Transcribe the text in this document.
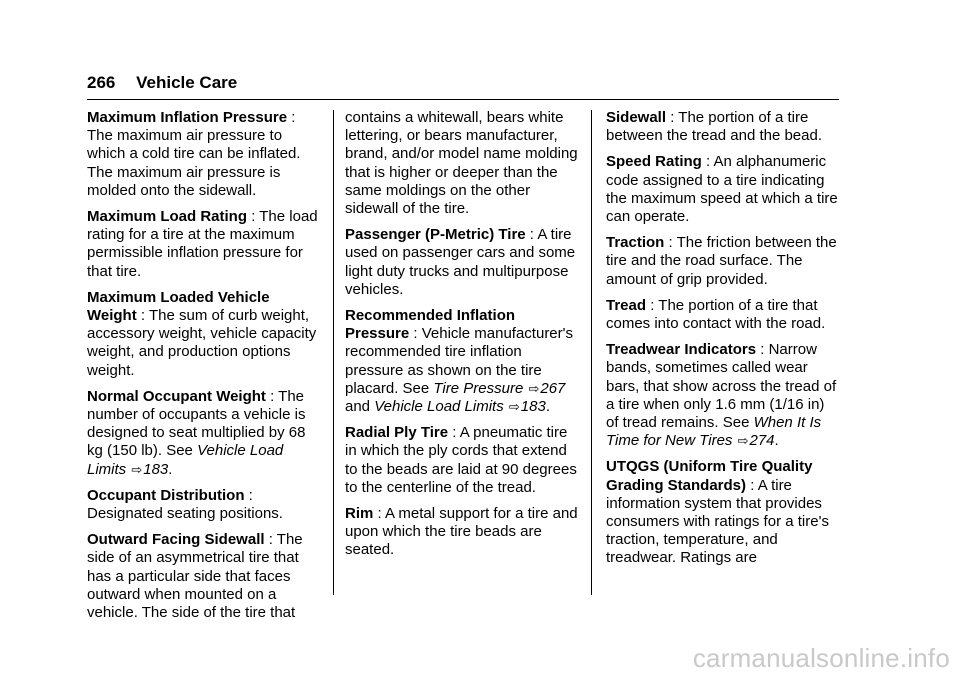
266 Vehicle Care

Maximum Inflation Pressure : The maximum air pressure to which a cold tire can be inflated. The maximum air pressure is molded onto the sidewall.

Maximum Load Rating : The load rating for a tire at the maximum permissible inflation pressure for that tire.

Maximum Loaded Vehicle Weight : The sum of curb weight, accessory weight, vehicle capacity weight, and production options weight.

Normal Occupant Weight : The number of occupants a vehicle is designed to seat multiplied by 68 kg (150 lb). See Vehicle Load Limits ⇨183.

Occupant Distribution : Designated seating positions.

Outward Facing Sidewall : The side of an asymmetrical tire that has a particular side that faces outward when mounted on a vehicle. The side of the tire that

contains a whitewall, bears white lettering, or bears manufacturer, brand, and/or model name molding that is higher or deeper than the same moldings on the other sidewall of the tire.

Passenger (P-Metric) Tire : A tire used on passenger cars and some light duty trucks and multipurpose vehicles.

Recommended Inflation Pressure : Vehicle manufacturer's recommended tire inflation pressure as shown on the tire placard. See Tire Pressure ⇨267 and Vehicle Load Limits ⇨183.

Radial Ply Tire : A pneumatic tire in which the ply cords that extend to the beads are laid at 90 degrees to the centerline of the tread.

Rim : A metal support for a tire and upon which the tire beads are seated.

Sidewall : The portion of a tire between the tread and the bead.

Speed Rating : An alphanumeric code assigned to a tire indicating the maximum speed at which a tire can operate.

Traction : The friction between the tire and the road surface. The amount of grip provided.

Tread : The portion of a tire that comes into contact with the road.

Treadwear Indicators : Narrow bands, sometimes called wear bars, that show across the tread of a tire when only 1.6 mm (1/16 in) of tread remains. See When It Is Time for New Tires ⇨274.

UTQGS (Uniform Tire Quality Grading Standards) : A tire information system that provides consumers with ratings for a tire's traction, temperature, and treadwear. Ratings are

carmanualsonline.info
